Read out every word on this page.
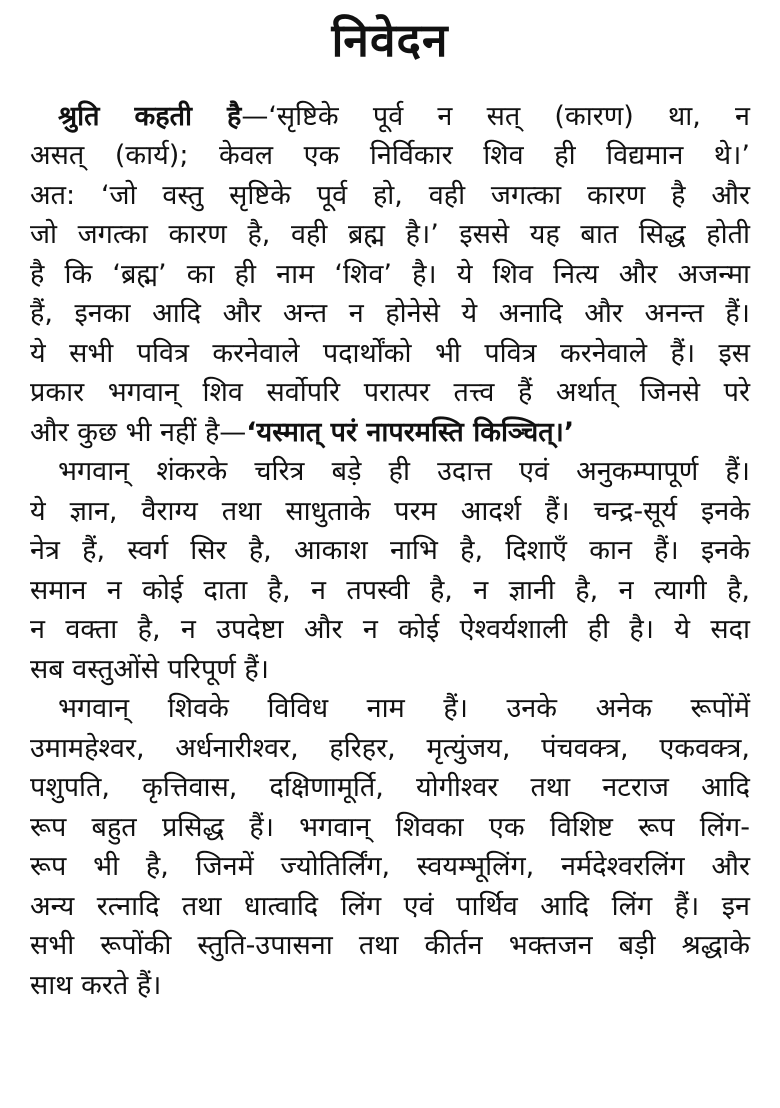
निवेदन
श्रुति कहती है—‘सृष्टिके पूर्व न सत् (कारण) था, न
असत् (कार्य); केवल एक निर्विकार शिव ही विद्यमान थे।’
अत: ‘जो वस्तु सृष्टिके पूर्व हो, वही जगत्का कारण है और
जो जगत्का कारण है, वही ब्रह्म है।’ इससे यह बात सिद्ध होती
है कि ‘ब्रह्म’ का ही नाम ‘शिव’ है। ये शिव नित्य और अजन्मा
हैं, इनका आदि और अन्त न होनेसे ये अनादि और अनन्त हैं।
ये सभी पवित्र करनेवाले पदार्थोंको भी पवित्र करनेवाले हैं। इस
प्रकार भगवान् शिव सर्वोपरि परात्पर तत्त्व हैं अर्थात् जिनसे परे
और कुछ भी नहीं है—‘यस्मात् परं नापरमस्ति किञ्चित्।’
भगवान् शंकरके चरित्र बड़े ही उदात्त एवं अनुकम्पापूर्ण हैं।
ये ज्ञान, वैराग्य तथा साधुताके परम आदर्श हैं। चन्द्र-सूर्य इनके
नेत्र हैं, स्वर्ग सिर है, आकाश नाभि है, दिशाएँ कान हैं। इनके
समान न कोई दाता है, न तपस्वी है, न ज्ञानी है, न त्यागी है,
न वक्ता है, न उपदेष्टा और न कोई ऐश्वर्यशाली ही है। ये सदा
सब वस्तुओंसे परिपूर्ण हैं।
भगवान् शिवके विविध नाम हैं। उनके अनेक रूपोंमें
उमामहेश्वर, अर्धनारीश्वर, हरिहर, मृत्युंजय, पंचवक्त्र, एकवक्त्र,
पशुपति, कृत्तिवास, दक्षिणामूर्ति, योगीश्वर तथा नटराज आदि
रूप बहुत प्रसिद्ध हैं। भगवान् शिवका एक विशिष्ट रूप लिंग-
रूप भी है, जिनमें ज्योतिर्लिंग, स्वयम्भूलिंग, नर्मदेश्वरलिंग और
अन्य रत्नादि तथा धात्वादि लिंग एवं पार्थिव आदि लिंग हैं। इन
सभी रूपोंकी स्तुति-उपासना तथा कीर्तन भक्तजन बड़ी श्रद्धाके
साथ करते हैं।
